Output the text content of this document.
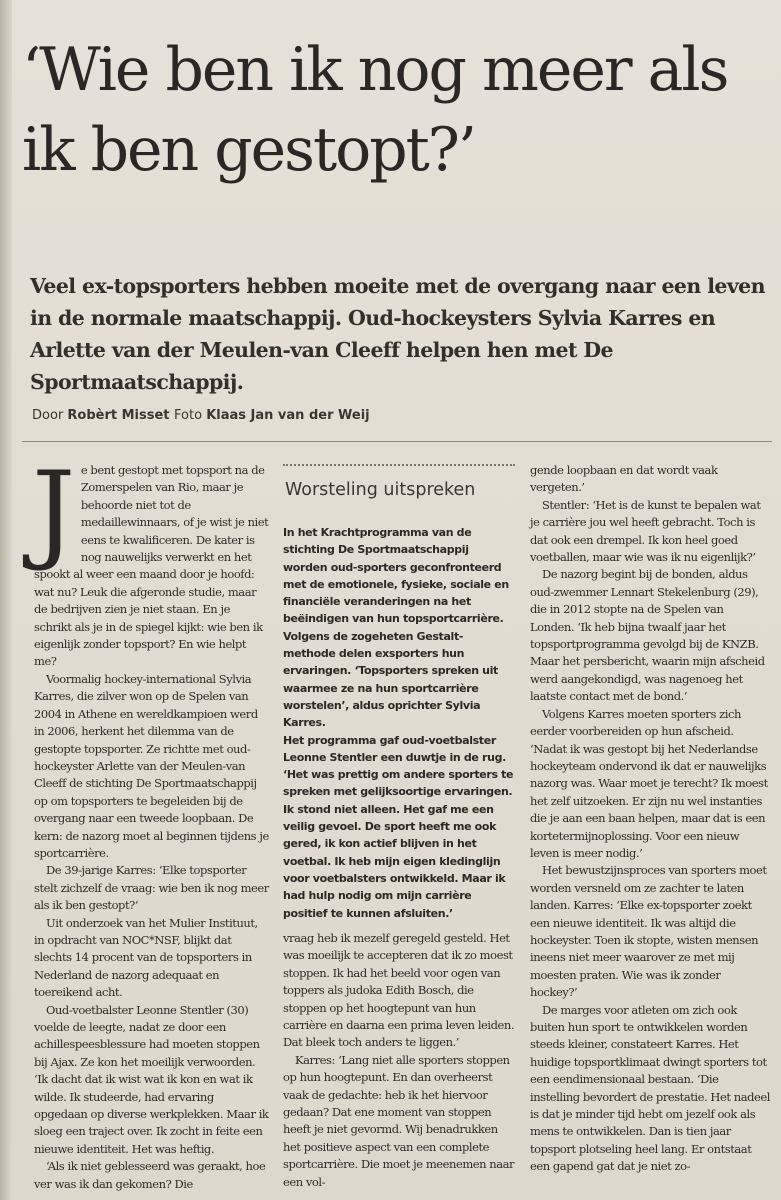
‘Wie ben ik nog meer als ik ben gestopt?’

Veel ex-topsporters hebben moeite met de overgang naar een leven in de normale maatschappij. Oud-hockeysters Sylvia Karres en Arlette van der Meulen-van Cleeff helpen hen met De Sportmaatschappij.

Door Robèrt Misset Foto Klaas Jan van der Weij

Je bent gestopt met topsport na de Zomerspelen van Rio, maar je behoorde niet tot de medaillewinnaars, of je wist je niet eens te kwalificeren. De kater is nog nauwelijks verwerkt en het spookt al weer een maand door je hoofd: wat nu? Leuk die afgeronde studie, maar de bedrijven zien je niet staan. En je schrikt als je in de spiegel kijkt: wie ben ik eigenlijk zonder topsport? En wie helpt me?

Voormalig hockey-international Sylvia Karres, die zilver won op de Spelen van 2004 in Athene en wereldkampioen werd in 2006, herkent het dilemma van de gestopte topsporter. Ze richtte met oud-hockeyster Arlette van der Meulen-van Cleeff de stichting De Sportmaatschappij op om topsporters te begeleiden bij de overgang naar een tweede loopbaan. De kern: de nazorg moet al beginnen tijdens je sportcarrière.

De 39-jarige Karres: ‘Elke topsporter stelt zichzelf de vraag: wie ben ik nog meer als ik ben gestopt?’

Uit onderzoek van het Mulier Instituut, in opdracht van NOC*NSF, blijkt dat slechts 14 procent van de topsporters in Nederland de nazorg adequaat en toereikend acht.

Oud-voetbalster Leonne Stentler (30) voelde de leegte, nadat ze door een achillespeesblessure had moeten stoppen bij Ajax. Ze kon het moeilijk verwoorden. ‘Ik dacht dat ik wist wat ik kon en wat ik wilde. Ik studeerde, had ervaring opgedaan op diverse werkplekken. Maar ik sloeg een traject over. Ik zocht in feite een nieuwe identiteit. Het was heftig.

‘Als ik niet geblesseerd was geraakt, hoe ver was ik dan gekomen? Die

Worsteling uitspreken

In het Krachtprogramma van de stichting De Sportmaatschappij worden oud-sporters geconfronteerd met de emotionele, fysieke, sociale en financiële veranderingen na het beëindigen van hun topsportcarrière. Volgens de zogeheten Gestalt-methode delen exsporters hun ervaringen. ‘Topsporters spreken uit waarmee ze na hun sportcarrière worstelen’, aldus oprichter Sylvia Karres.

Het programma gaf oud-voetbalster Leonne Stentler een duwtje in de rug. ‘Het was prettig om andere sporters te spreken met gelijksoortige ervaringen. Ik stond niet alleen. Het gaf me een veilig gevoel. De sport heeft me ook gered, ik kon actief blijven in het voetbal. Ik heb mijn eigen kledinglijn voor voetbalsters ontwikkeld. Maar ik had hulp nodig om mijn carrière positief te kunnen afsluiten.’

vraag heb ik mezelf geregeld gesteld. Het was moeilijk te accepteren dat ik zo moest stoppen. Ik had het beeld voor ogen van toppers als judoka Edith Bosch, die stoppen op het hoogtepunt van hun carrière en daarna een prima leven leiden. Dat bleek toch anders te liggen.’

Karres: ‘Lang niet alle sporters stoppen op hun hoogtepunt. En dan overheerst vaak de gedachte: heb ik het hiervoor gedaan? Dat ene moment van stoppen heeft je niet gevormd. Wij benadrukken het positieve aspect van een complete sportcarrière. Die moet je meenemen naar een vol-

gende loopbaan en dat wordt vaak vergeten.’

Stentler: ‘Het is de kunst te bepalen wat je carrière jou wel heeft gebracht. Toch is dat ook een drempel. Ik kon heel goed voetballen, maar wie was ik nu eigenlijk?’

De nazorg begint bij de bonden, aldus oud-zwemmer Lennart Stekelenburg (29), die in 2012 stopte na de Spelen van Londen. ‘Ik heb bijna twaalf jaar het topsportprogramma gevolgd bij de KNZB. Maar het persbericht, waarin mijn afscheid werd aangekondigd, was nagenoeg het laatste contact met de bond.’

Volgens Karres moeten sporters zich eerder voorbereiden op hun afscheid. ‘Nadat ik was gestopt bij het Nederlandse hockeyteam ondervond ik dat er nauwelijks nazorg was. Waar moet je terecht? Ik moest het zelf uitzoeken. Er zijn nu wel instanties die je aan een baan helpen, maar dat is een kortetermijnoplossing. Voor een nieuw leven is meer nodig.’

Het bewustzijnsproces van sporters moet worden versneld om ze zachter te laten landen. Karres: ‘Elke ex-topsporter zoekt een nieuwe identiteit. Ik was altijd die hockeyster. Toen ik stopte, wisten mensen ineens niet meer waarover ze met mij moesten praten. Wie was ik zonder hockey?’

De marges voor atleten om zich ook buiten hun sport te ontwikkelen worden steeds kleiner, constateert Karres. Het huidige topsportklimaat dwingt sporters tot een eendimensionaal bestaan. ‘Die instelling bevordert de prestatie. Het nadeel is dat je minder tijd hebt om jezelf ook als mens te ontwikkelen. Dan is tien jaar topsport plotseling heel lang. Er ontstaat een gapend gat dat je niet zo-
